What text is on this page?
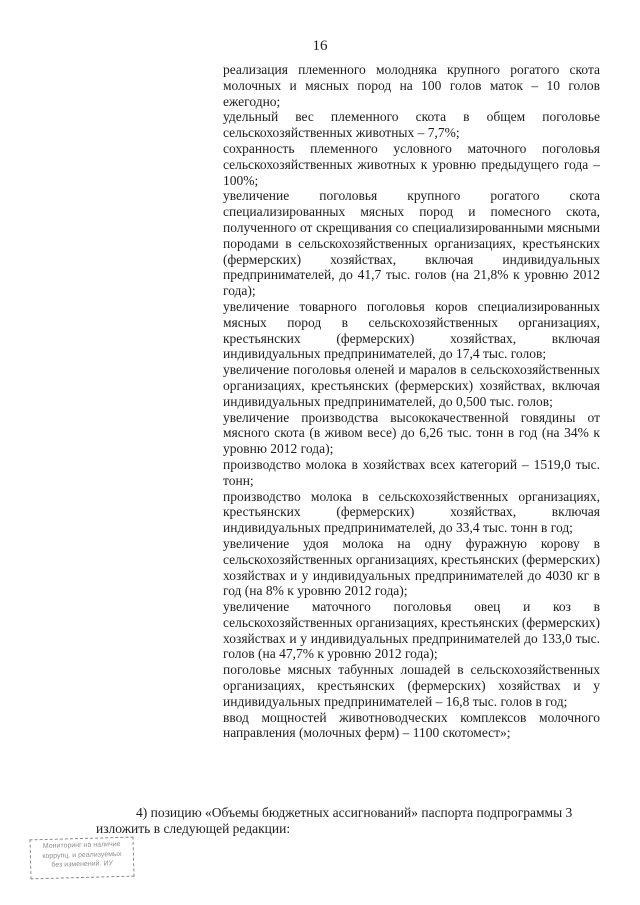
16

реализация племенного молодняка крупного рогатого скота молочных и мясных пород на 100 голов маток – 10 голов ежегодно;

удельный вес племенного скота в общем поголовье сельскохозяйственных животных – 7,7%;

сохранность племенного условного маточного поголовья сельскохозяйственных животных к уровню предыдущего года – 100%;

увеличение поголовья крупного рогатого скота специализированных мясных пород и помесного скота, полученного от скрещивания со специализированными мясными породами в сельскохозяйственных организациях, крестьянских (фермерских) хозяйствах, включая индивидуальных предпринимателей, до 41,7 тыс. голов (на 21,8% к уровню 2012 года);

увеличение товарного поголовья коров специализированных мясных пород в сельскохозяйственных организациях, крестьянских (фермерских) хозяйствах, включая индивидуальных предпринимателей, до 17,4 тыс. голов;

увеличение поголовья оленей и маралов в сельскохозяйственных организациях, крестьянских (фермерских) хозяйствах, включая индивидуальных предпринимателей, до 0,500 тыс. голов;

увеличение производства высококачественной говядины от мясного скота (в живом весе) до 6,26 тыс. тонн в год (на 34% к уровню 2012 года);

производство молока в хозяйствах всех категорий – 1519,0 тыс. тонн;

производство молока в сельскохозяйственных организациях, крестьянских (фермерских) хозяйствах, включая индивидуальных предпринимателей, до 33,4 тыс. тонн в год;

увеличение удоя молока на одну фуражную корову в сельскохозяйственных организациях, крестьянских (фермерских) хозяйствах и у индивидуальных предпринимателей до 4030 кг в год (на 8% к уровню 2012 года);

увеличение маточного поголовья овец и коз в сельскохозяйственных организациях, крестьянских (фермерских) хозяйствах и у индивидуальных предпринимателей до 133,0 тыс. голов (на 47,7% к уровню 2012 года);

поголовье мясных табунных лошадей в сельскохозяйственных организациях, крестьянских (фермерских) хозяйствах и у индивидуальных предпринимателей – 16,8 тыс. голов в год;

ввод мощностей животноводческих комплексов молочного направления (молочных ферм) – 1100 скотомест»;

4) позицию «Объемы бюджетных ассигнований» паспорта подпрограммы 3 изложить в следующей редакции:
Мониторинг на наличие
коррупц. и реализуемых
без изменений. ИУ
